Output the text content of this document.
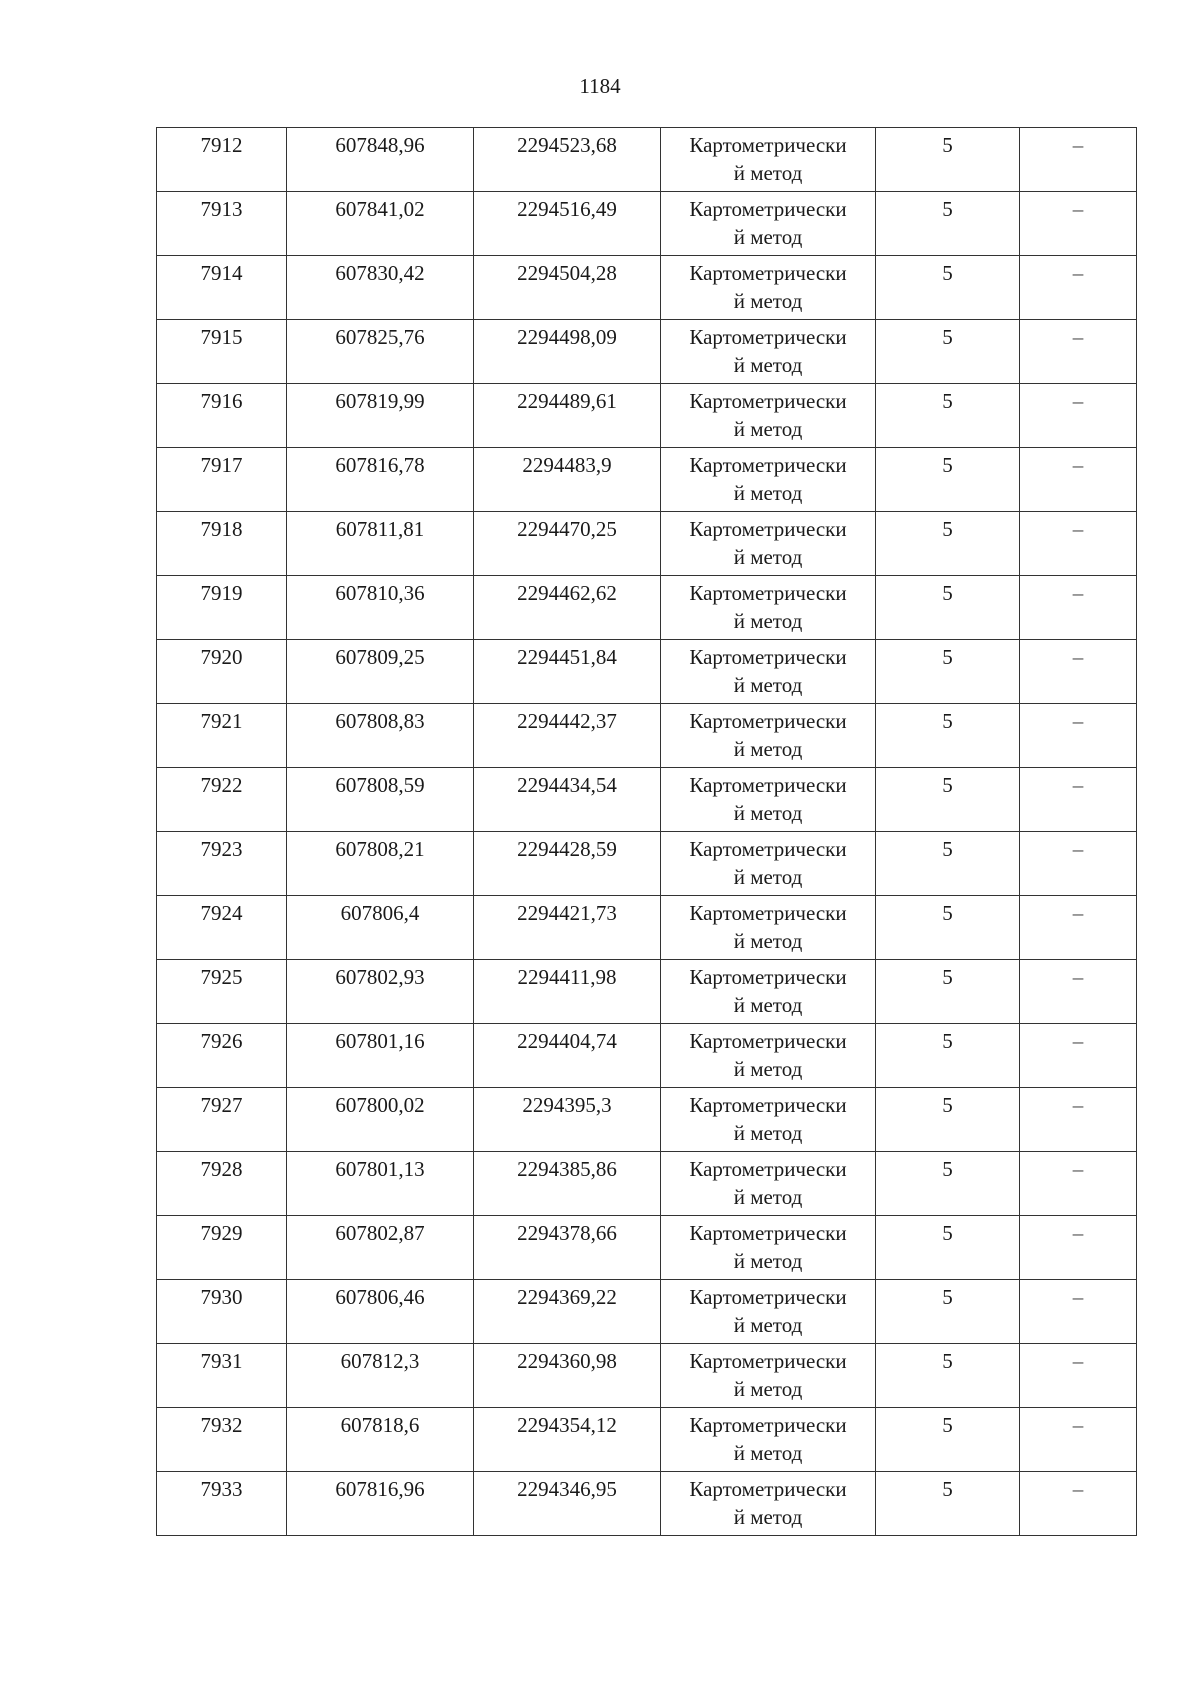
1184
7912	607848,96	2294523,68	Картометрически
й метод	5	–
7913	607841,02	2294516,49	Картометрически
й метод	5	–
7914	607830,42	2294504,28	Картометрически
й метод	5	–
7915	607825,76	2294498,09	Картометрически
й метод	5	–
7916	607819,99	2294489,61	Картометрически
й метод	5	–
7917	607816,78	2294483,9	Картометрически
й метод	5	–
7918	607811,81	2294470,25	Картометрически
й метод	5	–
7919	607810,36	2294462,62	Картометрически
й метод	5	–
7920	607809,25	2294451,84	Картометрически
й метод	5	–
7921	607808,83	2294442,37	Картометрически
й метод	5	–
7922	607808,59	2294434,54	Картометрически
й метод	5	–
7923	607808,21	2294428,59	Картометрически
й метод	5	–
7924	607806,4	2294421,73	Картометрически
й метод	5	–
7925	607802,93	2294411,98	Картометрически
й метод	5	–
7926	607801,16	2294404,74	Картометрически
й метод	5	–
7927	607800,02	2294395,3	Картометрически
й метод	5	–
7928	607801,13	2294385,86	Картометрически
й метод	5	–
7929	607802,87	2294378,66	Картометрически
й метод	5	–
7930	607806,46	2294369,22	Картометрически
й метод	5	–
7931	607812,3	2294360,98	Картометрически
й метод	5	–
7932	607818,6	2294354,12	Картометрически
й метод	5	–
7933	607816,96	2294346,95	Картометрически
й метод	5	–
